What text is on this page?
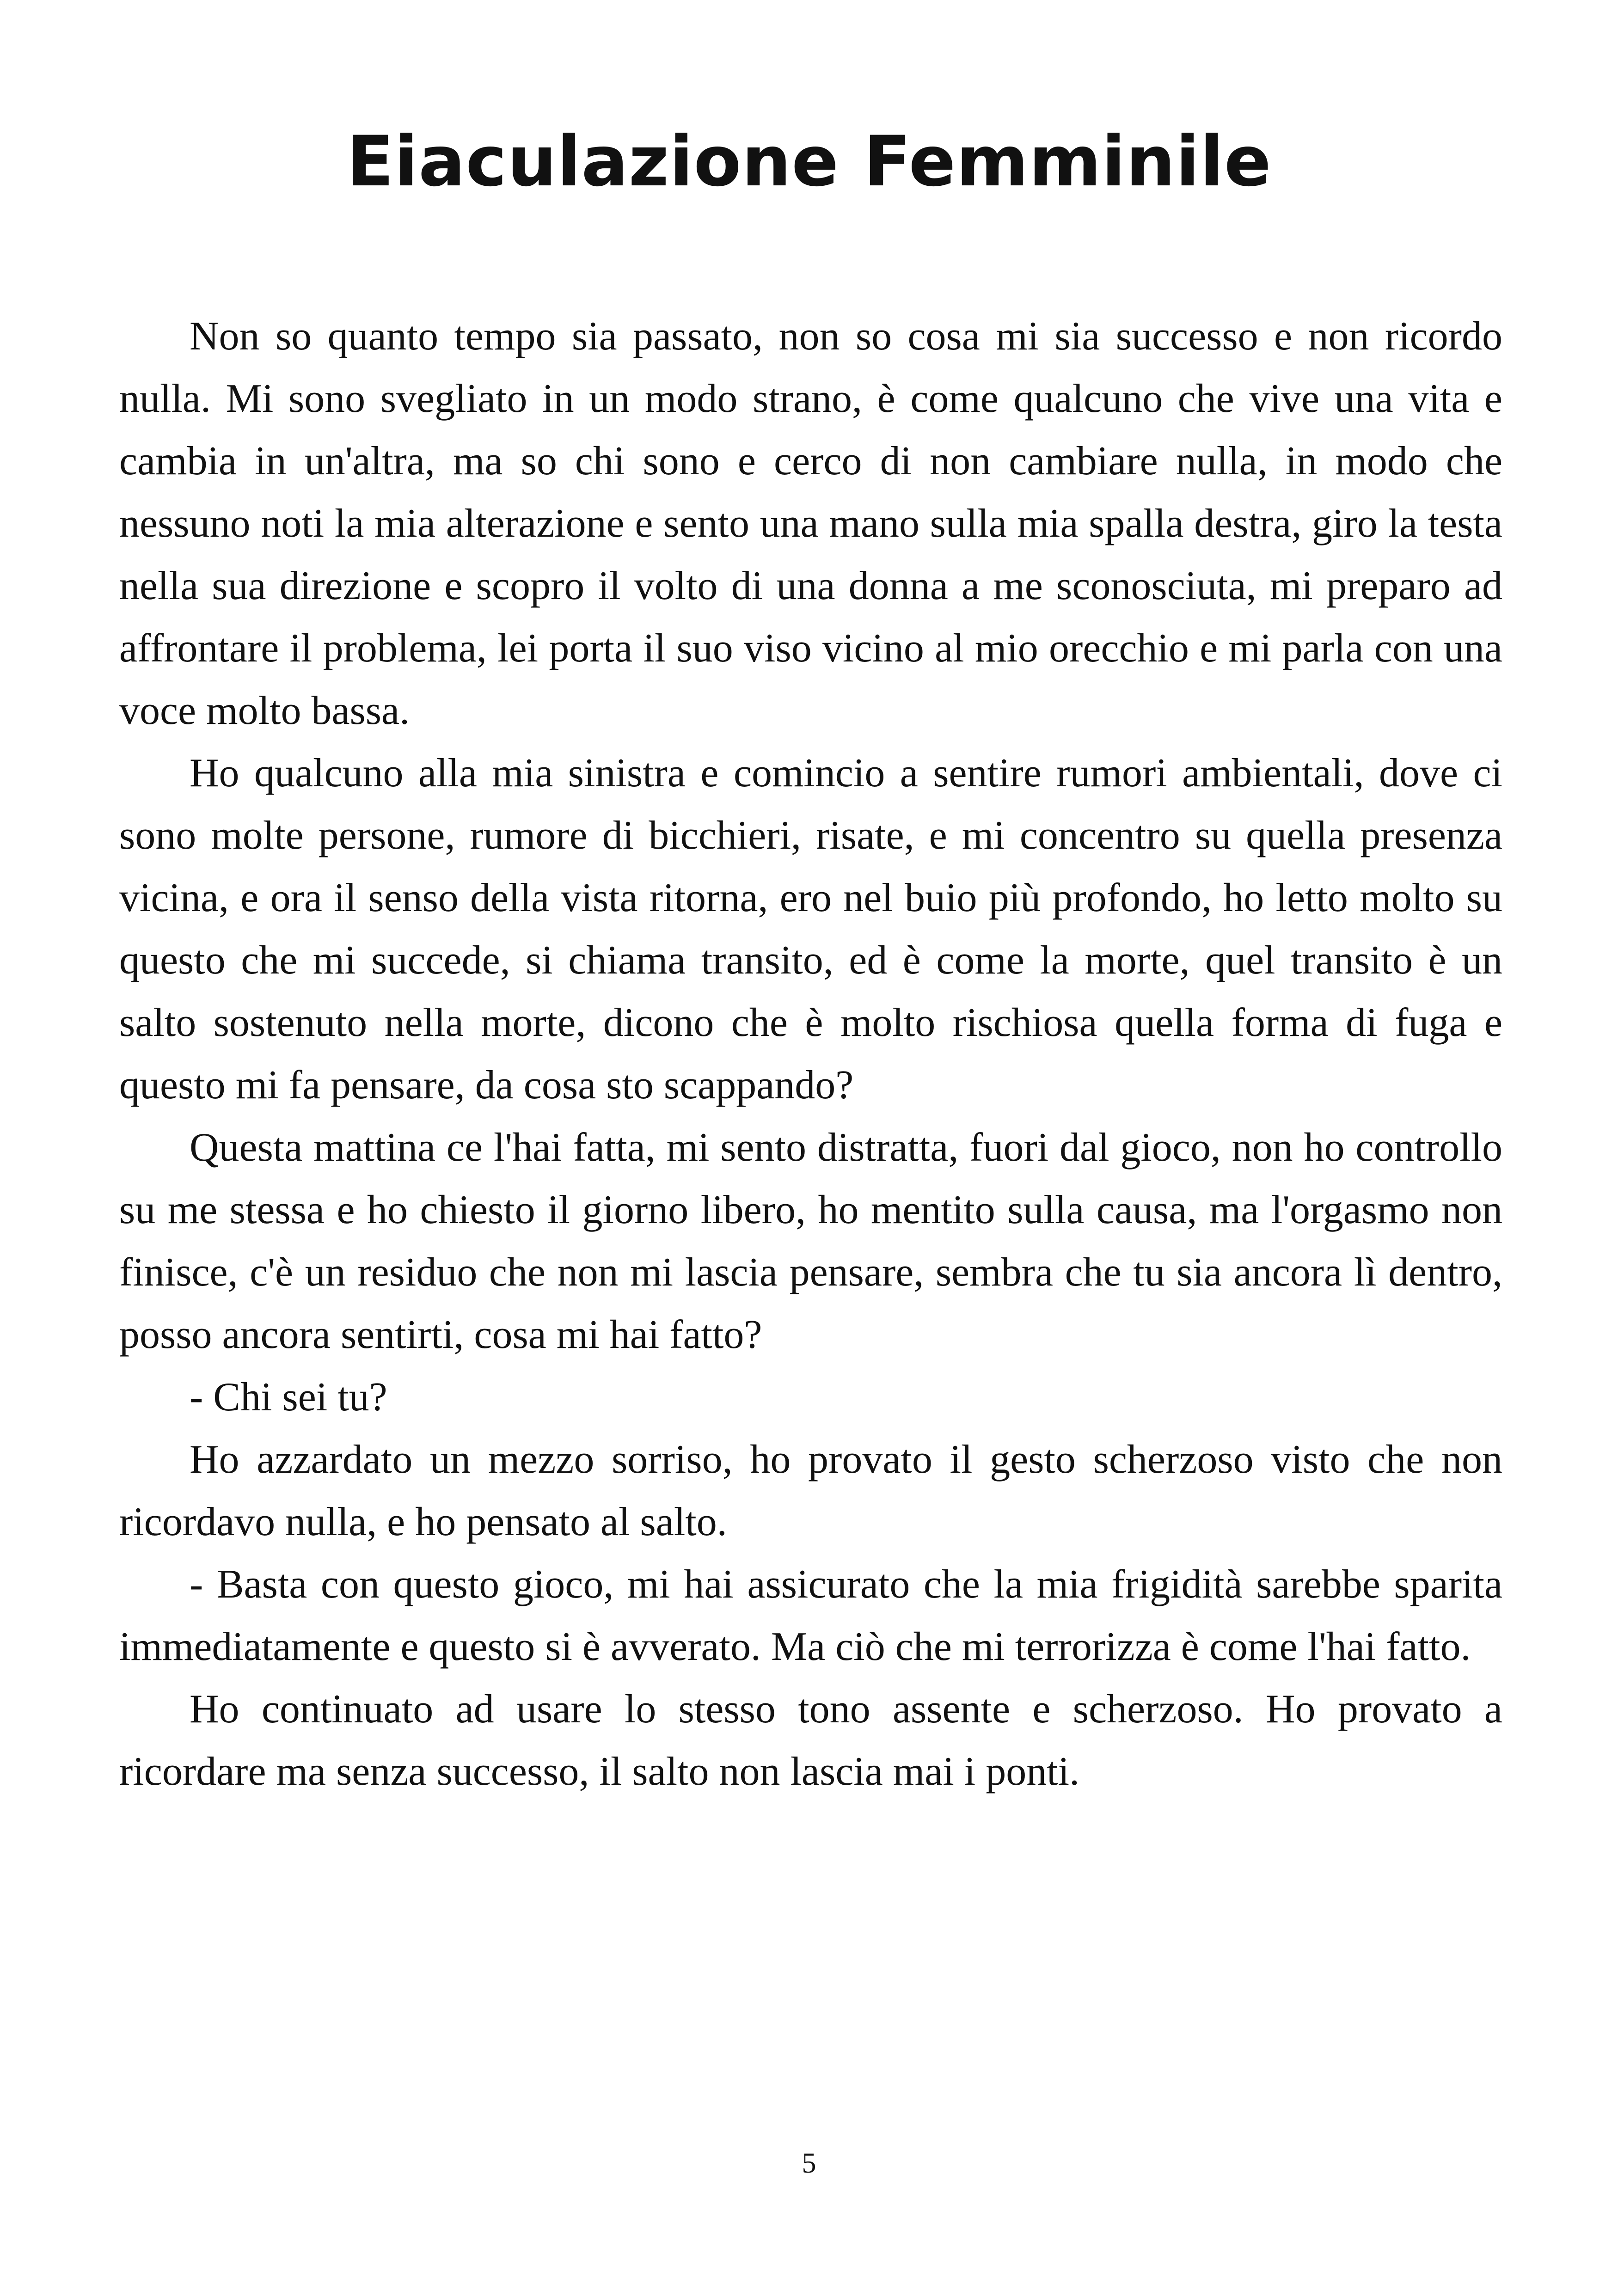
Eiaculazione Femminile

Non so quanto tempo sia passato, non so cosa mi sia successo e non ricordo nulla. Mi sono svegliato in un modo strano, è come qualcuno che vive una vita e cambia in un'altra, ma so chi sono e cerco di non cambiare nulla, in modo che nessuno noti la mia alterazione e sento una mano sulla mia spalla destra, giro la testa nella sua direzione e scopro il volto di una donna a me sconosciuta, mi preparo ad affrontare il problema, lei porta il suo viso vicino al mio orecchio e mi parla con una voce molto bassa.

Ho qualcuno alla mia sinistra e comincio a sentire rumori ambientali, dove ci sono molte persone, rumore di bicchieri, risate, e mi concentro su quella presenza vicina, e ora il senso della vista ritorna, ero nel buio più profondo, ho letto molto su questo che mi succede, si chiama transito, ed è come la morte, quel transito è un salto sostenuto nella morte, dicono che è molto rischiosa quella forma di fuga e questo mi fa pensare, da cosa sto scappando?

Questa mattina ce l'hai fatta, mi sento distratta, fuori dal gioco, non ho controllo su me stessa e ho chiesto il giorno libero, ho mentito sulla causa, ma l'orgasmo non finisce, c'è un residuo che non mi lascia pensare, sembra che tu sia ancora lì dentro, posso ancora sentirti, cosa mi hai fatto?

- Chi sei tu?

Ho azzardato un mezzo sorriso, ho provato il gesto scherzoso visto che non ricordavo nulla, e ho pensato al salto.

- Basta con questo gioco, mi hai assicurato che la mia frigidità sarebbe sparita immediatamente e questo si è avverato. Ma ciò che mi terrorizza è come l'hai fatto.

Ho continuato ad usare lo stesso tono assente e scherzoso. Ho provato a ricordare ma senza successo, il salto non lascia mai i ponti.

5
